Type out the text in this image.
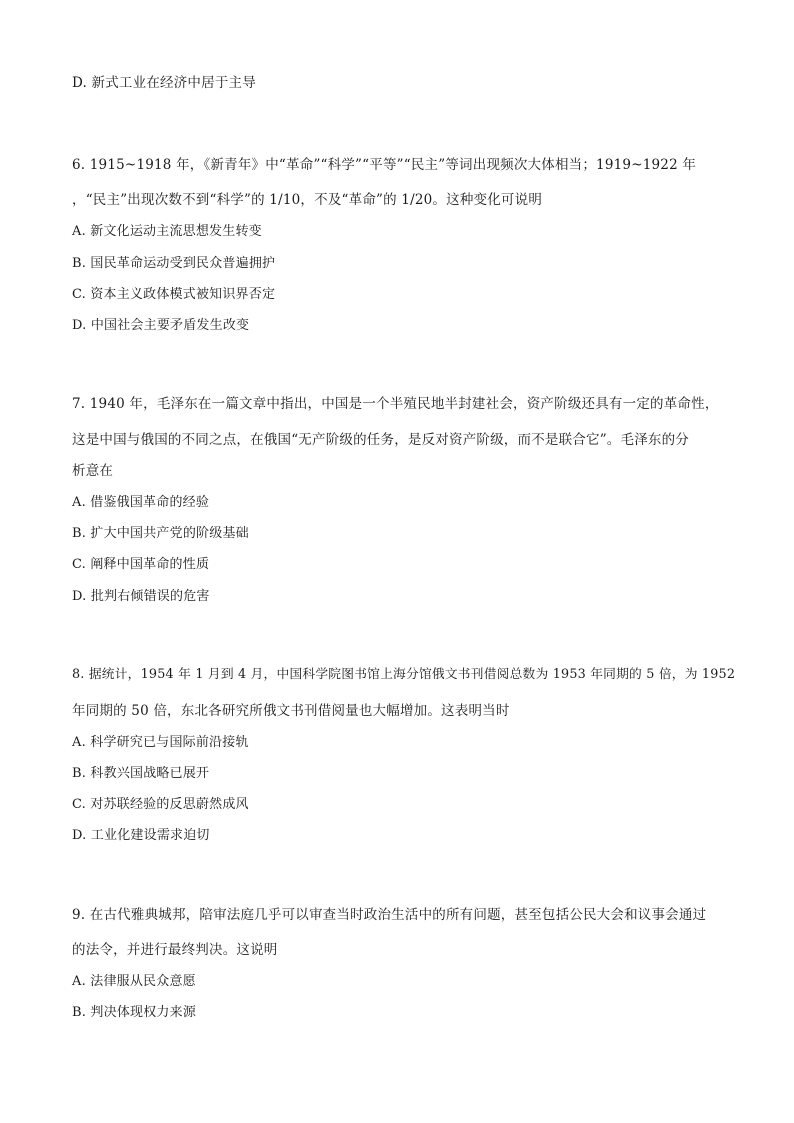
D. 新式工业在经济中居于主导
6. 1915~1918 年，《新青年》中“革命”“科学”“平等”“民主”等词出现频次大体相当；1919~1922 年
，“民主”出现次数不到“科学”的 1/10，不及“革命”的 1/20。这种变化可说明
A. 新文化运动主流思想发生转变
B. 国民革命运动受到民众普遍拥护
C. 资本主义政体模式被知识界否定
D. 中国社会主要矛盾发生改变
7. 1940 年，毛泽东在一篇文章中指出，中国是一个半殖民地半封建社会，资产阶级还具有一定的革命性，
这是中国与俄国的不同之点，在俄国“无产阶级的任务，是反对资产阶级，而不是联合它”。毛泽东的分
析意在
A. 借鉴俄国革命的经验
B. 扩大中国共产党的阶级基础
C. 阐释中国革命的性质
D. 批判右倾错误的危害
8. 据统计，1954 年 1 月到 4 月，中国科学院图书馆上海分馆俄文书刊借阅总数为 1953 年同期的 5 倍，为 1952
年同期的 50 倍，东北各研究所俄文书刊借阅量也大幅增加。这表明当时
A. 科学研究已与国际前沿接轨
B. 科教兴国战略已展开
C. 对苏联经验的反思蔚然成风
D. 工业化建设需求迫切
9. 在古代雅典城邦，陪审法庭几乎可以审查当时政治生活中的所有问题，甚至包括公民大会和议事会通过
的法令，并进行最终判决。这说明
A. 法律服从民众意愿
B. 判决体现权力来源
